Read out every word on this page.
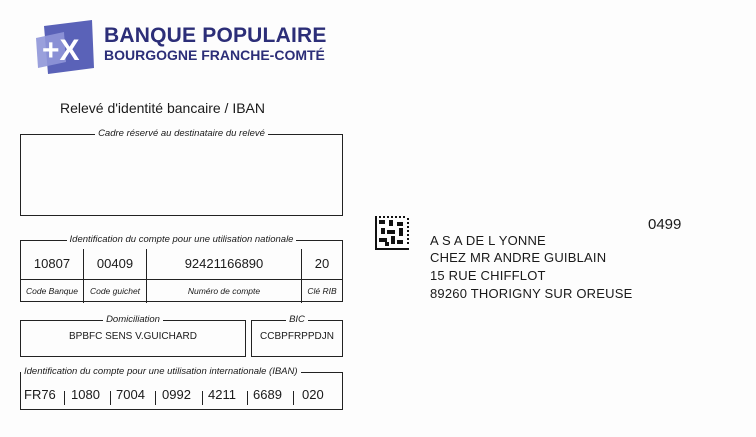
+X BANQUE POPULAIRE
BOURGOGNE FRANCHE-COMTÉ
Relevé d'identité bancaire / IBAN
Cadre réservé au destinataire du relevé
Identification du compte pour une utilisation nationale
10807	00409	92421166890	20
Code Banque	Code guichet	Numéro de compte	Clé RIB
Domiciliation
BPBFC SENS V.GUICHARD
BIC
CCBPFRPPDJN
Identification du compte pour une utilisation internationale (IBAN)
FR76 1080 7004 0992 4211 6689 020
0499
A S A DE L YONNE
CHEZ MR ANDRE GUIBLAIN
15 RUE CHIFFLOT
89260 THORIGNY SUR OREUSE
